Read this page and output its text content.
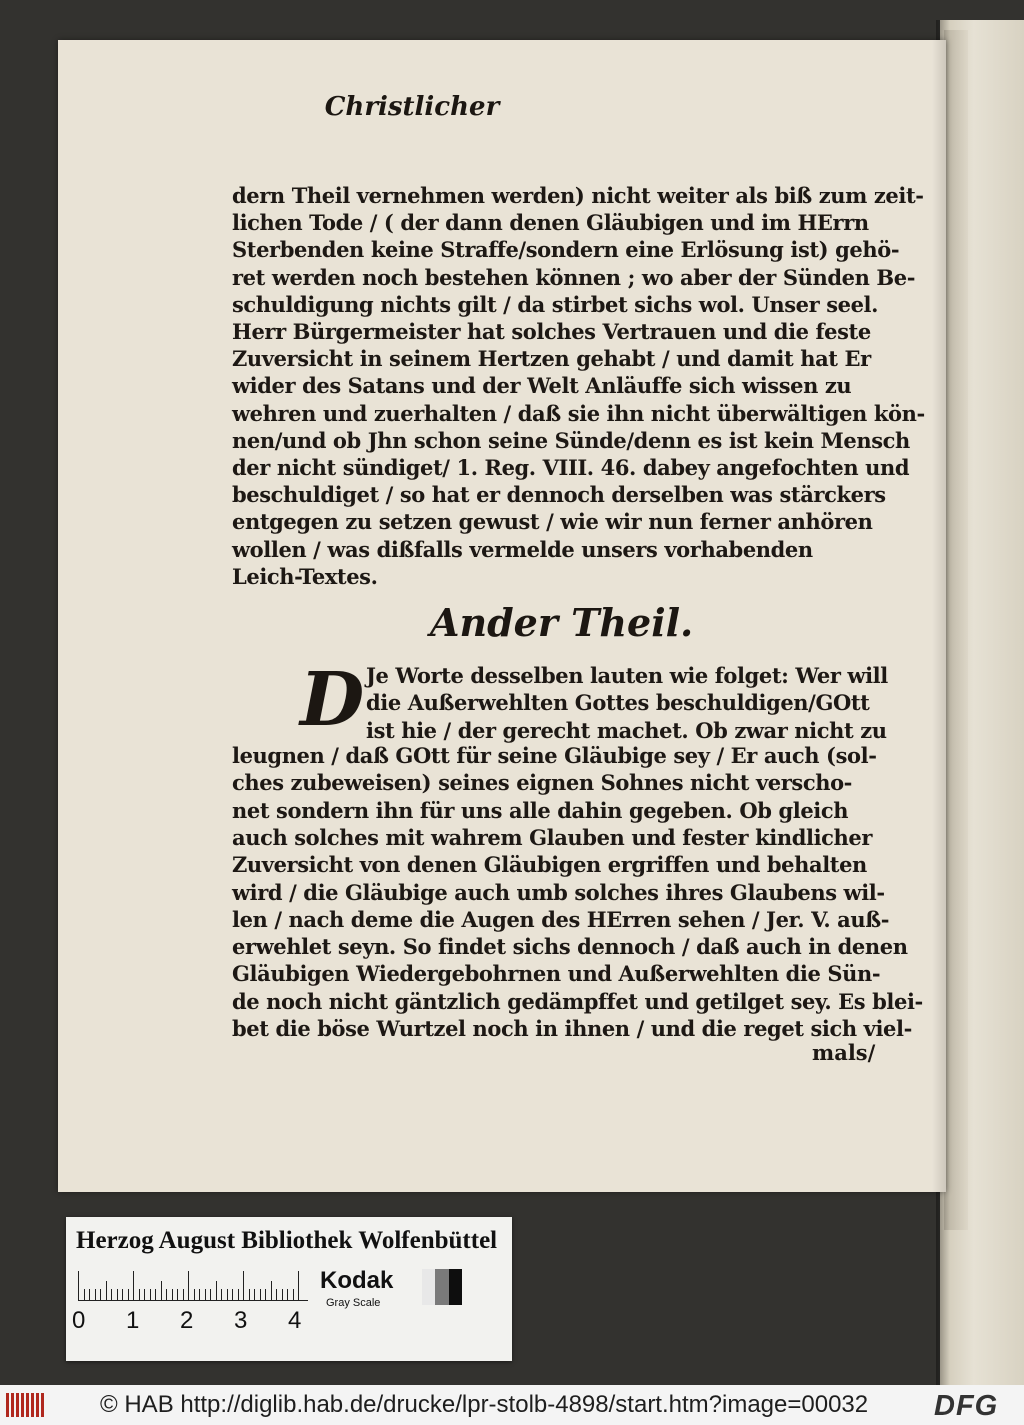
Christlicher
dern Theil vernehmen werden) nicht weiter als biß zum zeit-
lichen Tode / ( der dann denen Gläubigen und im HErrn
Sterbenden keine Straffe/sondern eine Erlösung ist) gehö-
ret werden noch bestehen können ; wo aber der Sünden Be-
schuldigung nichts gilt / da stirbet sichs wol. Unser seel.
Herr Bürgermeister hat solches Vertrauen und die feste
Zuversicht in seinem Hertzen gehabt / und damit hat Er
wider des Satans und der Welt Anläuffe sich wissen zu
wehren und zuerhalten / daß sie ihn nicht überwältigen kön-
nen/und ob Jhn schon seine Sünde/denn es ist kein Mensch
der nicht sündiget/ 1. Reg. VIII. 46. dabey angefochten und
beschuldiget / so hat er dennoch derselben was stärckers
entgegen zu setzen gewust / wie wir nun ferner anhören
wollen / was dißfalls vermelde unsers vorhabenden
Leich-Textes.
Ander Theil.
D Je Worte desselben lauten wie folget: Wer will
die Außerwehlten Gottes beschuldigen/GOtt
ist hie / der gerecht machet. Ob zwar nicht zu
leugnen / daß GOtt für seine Gläubige sey / Er auch (sol-
ches zubeweisen) seines eignen Sohnes nicht verscho-
net sondern ihn für uns alle dahin gegeben. Ob gleich
auch solches mit wahrem Glauben und fester kindlicher
Zuversicht von denen Gläubigen ergriffen und behalten
wird / die Gläubige auch umb solches ihres Glaubens wil-
len / nach deme die Augen des HErren sehen / Jer. V. auß-
erwehlet seyn. So findet sichs dennoch / daß auch in denen
Gläubigen Wiedergebohrnen und Außerwehlten die Sün-
de noch nicht gäntzlich gedämpffet und getilget sey. Es blei-
bet die böse Wurtzel noch in ihnen / und die reget sich viel-
mals/
Herzog August Bibliothek Wolfenbüttel
0 1 2 3 4
Kodak
Gray Scale
© HAB http://diglib.hab.de/drucke/lpr-stolb-4898/start.htm?image=00032 DFG
